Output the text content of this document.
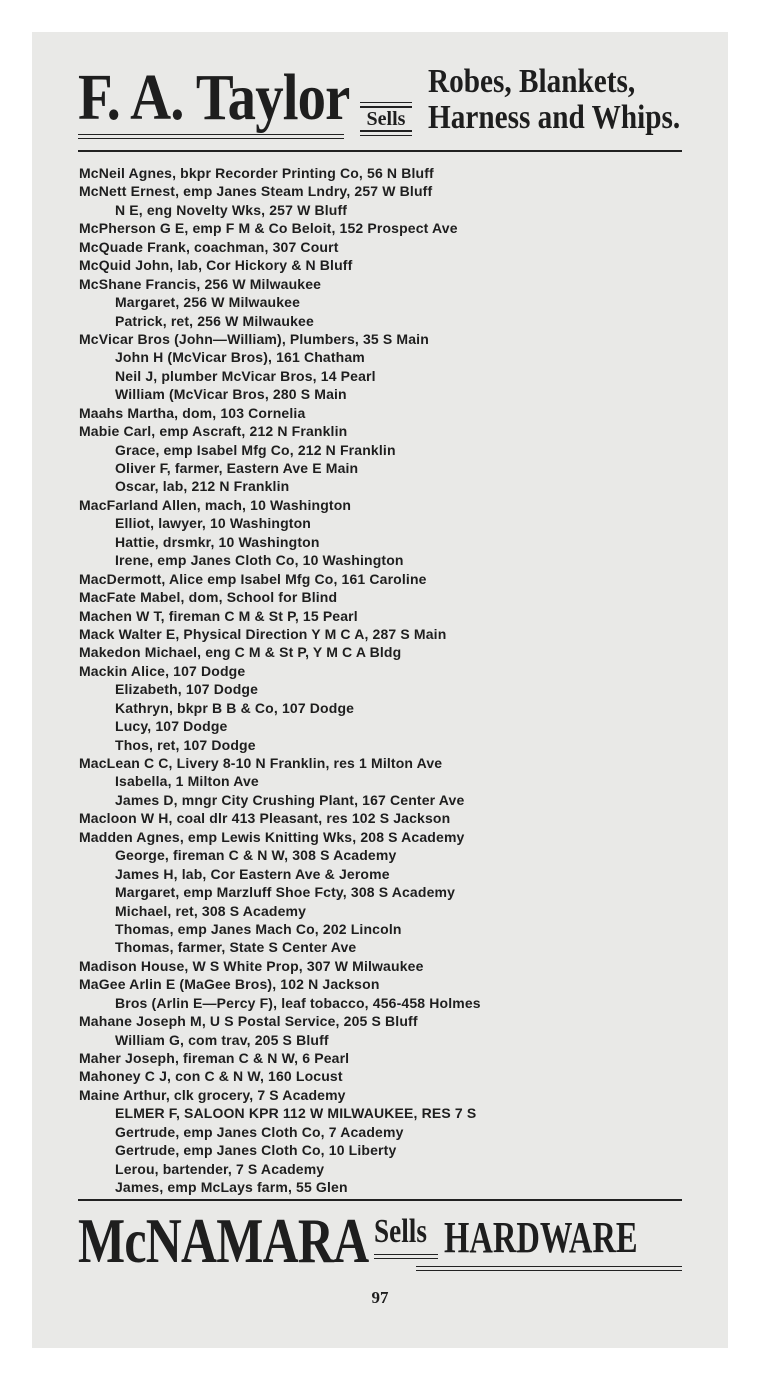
F. A. Taylor Sells
Robes, Blankets,
Harness and Whips.
McNeil Agnes, bkpr Recorder Printing Co, 56 N Bluff
McNett Ernest, emp Janes Steam Lndry, 257 W Bluff
N E, eng Novelty Wks, 257 W Bluff
McPherson G E, emp F M & Co Beloit, 152 Prospect Ave
McQuade Frank, coachman, 307 Court
McQuid John, lab, Cor Hickory & N Bluff
McShane Francis, 256 W Milwaukee
Margaret, 256 W Milwaukee
Patrick, ret, 256 W Milwaukee
McVicar Bros (John—William), Plumbers, 35 S Main
John H (McVicar Bros), 161 Chatham
Neil J, plumber McVicar Bros, 14 Pearl
William (McVicar Bros, 280 S Main
Maahs Martha, dom, 103 Cornelia
Mabie Carl, emp Ascraft, 212 N Franklin
Grace, emp Isabel Mfg Co, 212 N Franklin
Oliver F, farmer, Eastern Ave E Main
Oscar, lab, 212 N Franklin
MacFarland Allen, mach, 10 Washington
Elliot, lawyer, 10 Washington
Hattie, drsmkr, 10 Washington
Irene, emp Janes Cloth Co, 10 Washington
MacDermott, Alice emp Isabel Mfg Co, 161 Caroline
MacFate Mabel, dom, School for Blind
Machen W T, fireman C M & St P, 15 Pearl
Mack Walter E, Physical Direction Y M C A, 287 S Main
Makedon Michael, eng C M & St P, Y M C A Bldg
Mackin Alice, 107 Dodge
Elizabeth, 107 Dodge
Kathryn, bkpr B B & Co, 107 Dodge
Lucy, 107 Dodge
Thos, ret, 107 Dodge
MacLean C C, Livery 8-10 N Franklin, res 1 Milton Ave
Isabella, 1 Milton Ave
James D, mngr City Crushing Plant, 167 Center Ave
Macloon W H, coal dlr 413 Pleasant, res 102 S Jackson
Madden Agnes, emp Lewis Knitting Wks, 208 S Academy
George, fireman C & N W, 308 S Academy
James H, lab, Cor Eastern Ave & Jerome
Margaret, emp Marzluff Shoe Fcty, 308 S Academy
Michael, ret, 308 S Academy
Thomas, emp Janes Mach Co, 202 Lincoln
Thomas, farmer, State S Center Ave
Madison House, W S White Prop, 307 W Milwaukee
MaGee Arlin E (MaGee Bros), 102 N Jackson
Bros (Arlin E—Percy F), leaf tobacco, 456-458 Holmes
Mahane Joseph M, U S Postal Service, 205 S Bluff
William G, com trav, 205 S Bluff
Maher Joseph, fireman C & N W, 6 Pearl
Mahoney C J, con C & N W, 160 Locust
Maine Arthur, clk grocery, 7 S Academy
ELMER F, SALOON KPR 112 W MILWAUKEE, RES 7 S
Gertrude, emp Janes Cloth Co, 7 Academy
Gertrude, emp Janes Cloth Co, 10 Liberty
Lerou, bartender, 7 S Academy
James, emp McLays farm, 55 Glen
McNAMARA Sells HARDWARE
97
